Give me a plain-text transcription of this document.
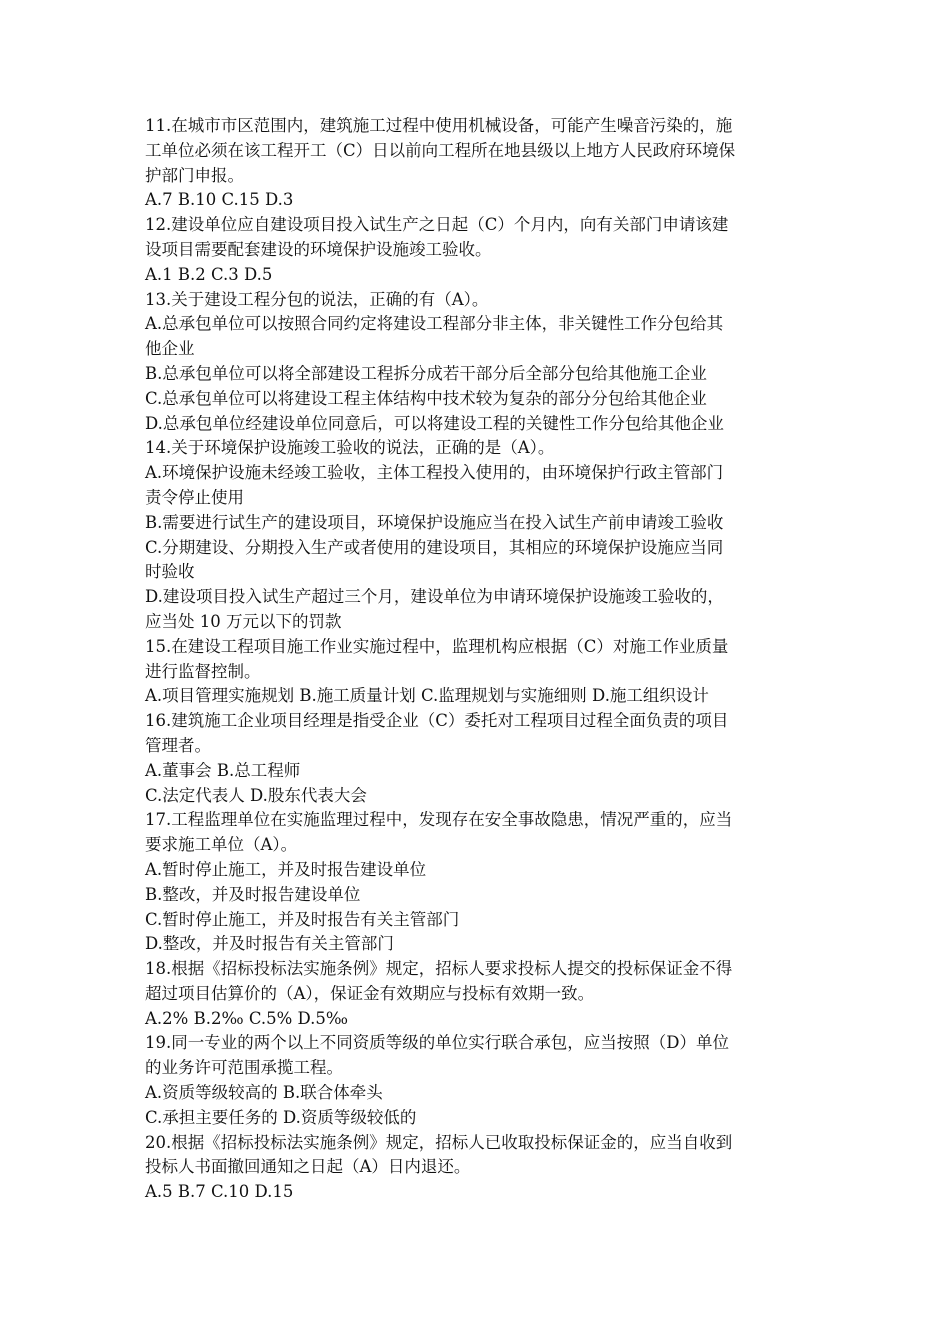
11.在城市市区范围内，建筑施工过程中使用机械设备，可能产生噪音污染的，施
工单位必须在该工程开工（C）日以前向工程所在地县级以上地方人民政府环境保
护部门申报。
A.7 B.10 C.15 D.3
12.建设单位应自建设项目投入试生产之日起（C）个月内，向有关部门申请该建
设项目需要配套建设的环境保护设施竣工验收。
A.1 B.2 C.3 D.5
13.关于建设工程分包的说法，正确的有（A）。
A.总承包单位可以按照合同约定将建设工程部分非主体，非关键性工作分包给其
他企业
B.总承包单位可以将全部建设工程拆分成若干部分后全部分包给其他施工企业
C.总承包单位可以将建设工程主体结构中技术较为复杂的部分分包给其他企业
D.总承包单位经建设单位同意后，可以将建设工程的关键性工作分包给其他企业
14.关于环境保护设施竣工验收的说法，正确的是（A）。
A.环境保护设施未经竣工验收，主体工程投入使用的，由环境保护行政主管部门
责令停止使用
B.需要进行试生产的建设项目，环境保护设施应当在投入试生产前申请竣工验收
C.分期建设、分期投入生产或者使用的建设项目，其相应的环境保护设施应当同
时验收
D.建设项目投入试生产超过三个月，建设单位为申请环境保护设施竣工验收的，
应当处 10 万元以下的罚款
15.在建设工程项目施工作业实施过程中，监理机构应根据（C）对施工作业质量
进行监督控制。
A.项目管理实施规划 B.施工质量计划 C.监理规划与实施细则 D.施工组织设计
16.建筑施工企业项目经理是指受企业（C）委托对工程项目过程全面负责的项目
管理者。
A.董事会 B.总工程师
C.法定代表人 D.股东代表大会
17.工程监理单位在实施监理过程中，发现存在安全事故隐患，情况严重的，应当
要求施工单位（A）。
A.暂时停止施工，并及时报告建设单位
B.整改，并及时报告建设单位
C.暂时停止施工，并及时报告有关主管部门
D.整改，并及时报告有关主管部门
18.根据《招标投标法实施条例》规定，招标人要求投标人提交的投标保证金不得
超过项目估算价的（A），保证金有效期应与投标有效期一致。
A.2% B.2‰ C.5% D.5‰
19.同一专业的两个以上不同资质等级的单位实行联合承包，应当按照（D）单位
的业务许可范围承揽工程。
A.资质等级较高的 B.联合体牵头
C.承担主要任务的 D.资质等级较低的
20.根据《招标投标法实施条例》规定，招标人已收取投标保证金的，应当自收到
投标人书面撤回通知之日起（A）日内退还。
A.5 B.7 C.10 D.15
